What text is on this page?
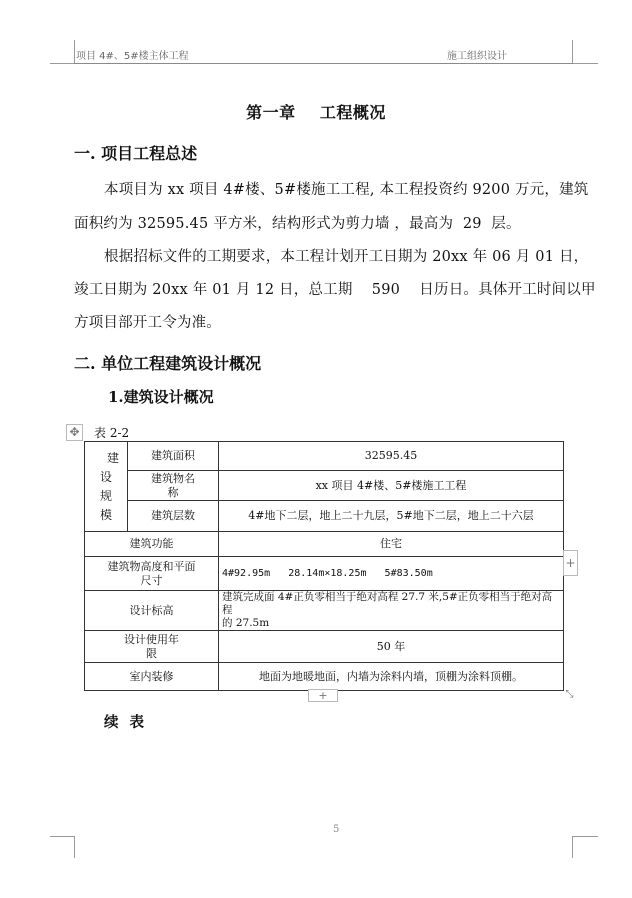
项目 4#、5#楼主体工程	施工组织设计
第一章    工程概况
一. 项目工程总述
本项目为 xx 项目 4#楼、5#楼施工工程, 本工程投资约 9200 万元，建筑
面积约为 32595.45 平方米，结构形式为剪力墙 ，最高为  29  层。
根据招标文件的工期要求，本工程计划开工日期为 20xx 年 06 月 01 日，
竣工日期为 20xx 年 01 月 12 日，总工期    590    日历日。具体开工时间以甲
方项目部开工令为准。
二. 单位工程建筑设计概况
1.建筑设计概况
✥ 表 2-2
建
设
规
模	建筑面积	32595.45
	建筑物名
称	xx 项目 4#楼、5#楼施工工程
	建筑层数	4#地下二层，地上二十九层，5#地下二层，地上二十六层
建筑功能		住宅
建筑物高度和平面
尺寸		4#92.95m   28.14m×18.25m   5#83.50m
设计标高		建筑完成面 4#正负零相当于绝对高程 27.7 米,5#正负零相当于绝对高程
的 27.5m
设计使用年
限		50 年
室内装修		地面为地暖地面，内墙为涂料内墙，顶棚为涂料顶棚。
+
+	⤡
续 表
5
